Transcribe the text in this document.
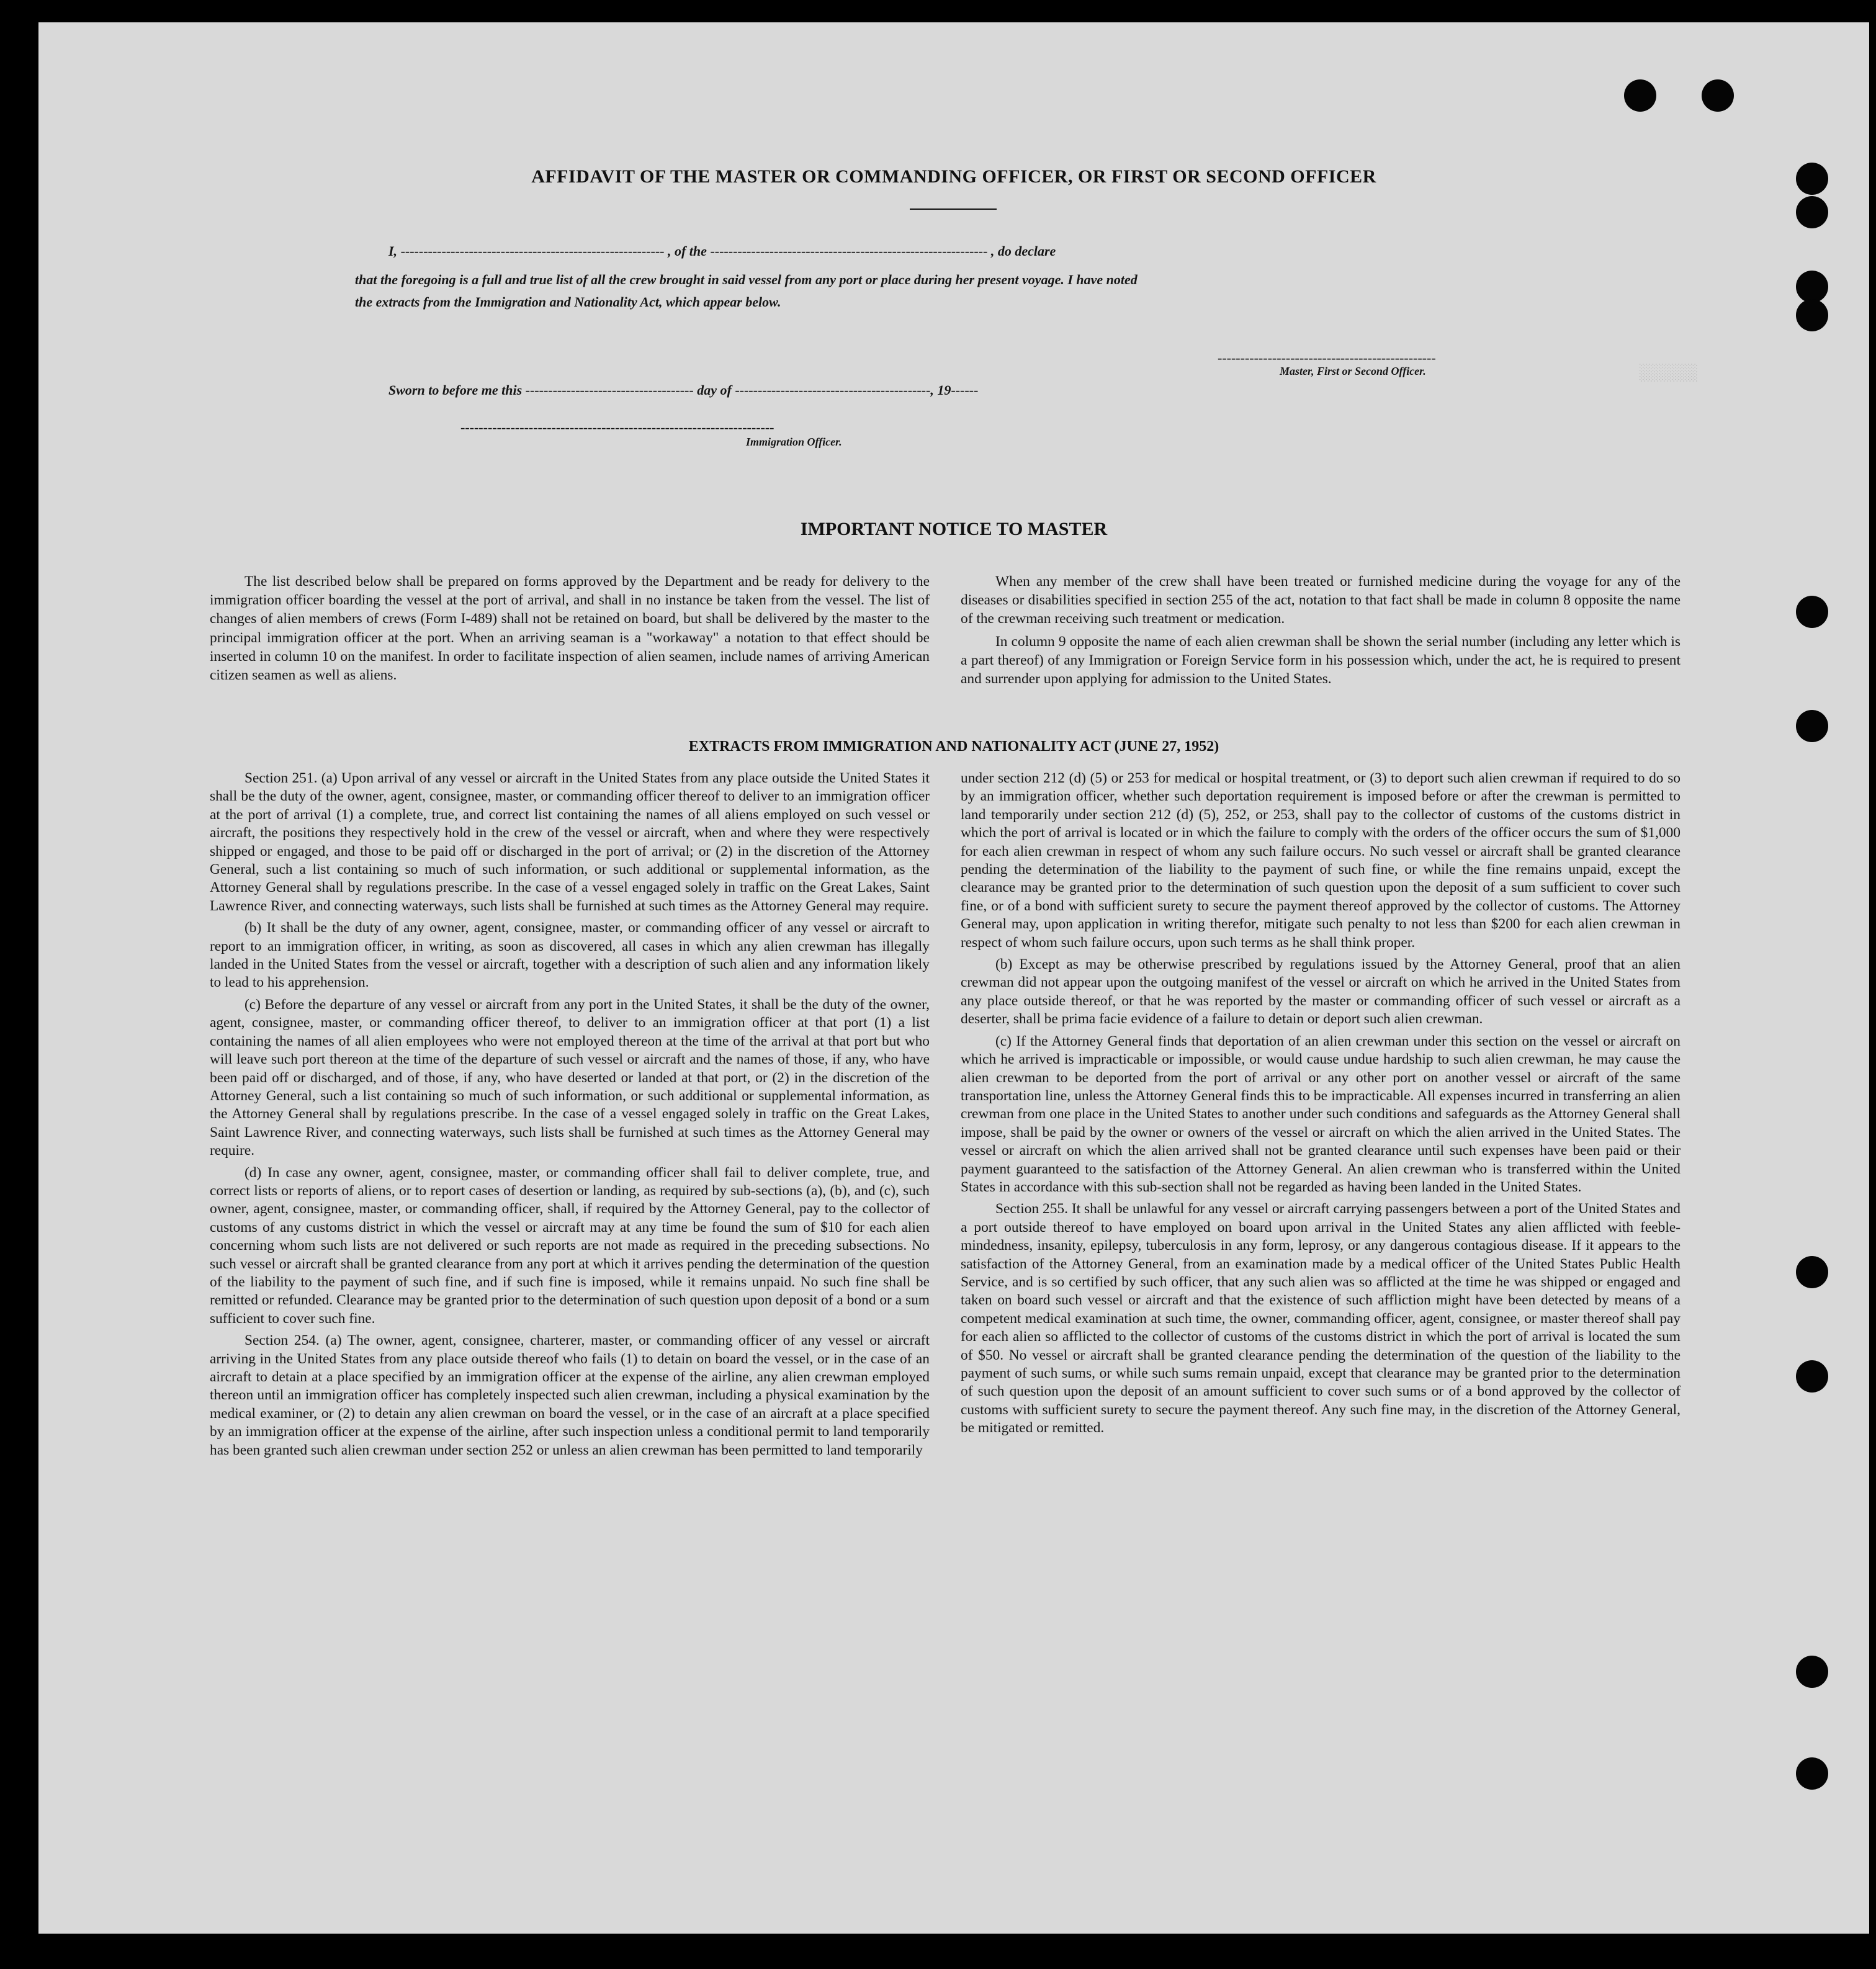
░░░░░░
AFFIDAVIT OF THE MASTER OR COMMANDING OFFICER, OR FIRST OR SECOND OFFICER
I, ---------------------------------------------------------- , of the ------------------------------------------------------------- , do declare
that the foregoing is a full and true list of all the crew brought in said vessel from any port or place during her present voyage. I have noted
the extracts from the Immigration and Nationality Act, which appear below.
------------------------------------------------
Master, First or Second Officer.
Sworn to before me this ------------------------------------- day of -------------------------------------------, 19------
---------------------------------------------------------------------
Immigration Officer.
IMPORTANT NOTICE TO MASTER

The list described below shall be prepared on forms approved by the Department and be ready for delivery to the immigration officer boarding the vessel at the port of arrival, and shall in no instance be taken from the vessel. The list of changes of alien members of crews (Form I-489) shall not be retained on board, but shall be delivered by the master to the principal immigration officer at the port. When an arriving seaman is a "workaway" a notation to that effect should be inserted in column 10 on the manifest. In order to facilitate inspection of alien seamen, include names of arriving American citizen seamen as well as aliens.

When any member of the crew shall have been treated or furnished medicine during the voyage for any of the diseases or disabilities specified in section 255 of the act, notation to that fact shall be made in column 8 opposite the name of the crewman receiving such treatment or medication.

In column 9 opposite the name of each alien crewman shall be shown the serial number (including any letter which is a part thereof) of any Immigration or Foreign Service form in his possession which, under the act, he is required to present and surrender upon applying for admission to the United States.

EXTRACTS FROM IMMIGRATION AND NATIONALITY ACT (JUNE 27, 1952)

Section 251. (a) Upon arrival of any vessel or aircraft in the United States from any place outside the United States it shall be the duty of the owner, agent, consignee, master, or commanding officer thereof to deliver to an immigration officer at the port of arrival (1) a complete, true, and correct list containing the names of all aliens employed on such vessel or aircraft, the positions they respectively hold in the crew of the vessel or aircraft, when and where they were respectively shipped or engaged, and those to be paid off or discharged in the port of arrival; or (2) in the discretion of the Attorney General, such a list containing so much of such information, or such additional or supplemental information, as the Attorney General shall by regulations prescribe. In the case of a vessel engaged solely in traffic on the Great Lakes, Saint Lawrence River, and connecting waterways, such lists shall be furnished at such times as the Attorney General may require.

(b) It shall be the duty of any owner, agent, consignee, master, or commanding officer of any vessel or aircraft to report to an immigration officer, in writing, as soon as discovered, all cases in which any alien crewman has illegally landed in the United States from the vessel or aircraft, together with a description of such alien and any information likely to lead to his apprehension.

(c) Before the departure of any vessel or aircraft from any port in the United States, it shall be the duty of the owner, agent, consignee, master, or commanding officer thereof, to deliver to an immigration officer at that port (1) a list containing the names of all alien employees who were not employed thereon at the time of the arrival at that port but who will leave such port thereon at the time of the departure of such vessel or aircraft and the names of those, if any, who have been paid off or discharged, and of those, if any, who have deserted or landed at that port, or (2) in the discretion of the Attorney General, such a list containing so much of such information, or such additional or supplemental information, as the Attorney General shall by regulations prescribe. In the case of a vessel engaged solely in traffic on the Great Lakes, Saint Lawrence River, and connecting waterways, such lists shall be furnished at such times as the Attorney General may require.

(d) In case any owner, agent, consignee, master, or commanding officer shall fail to deliver complete, true, and correct lists or reports of aliens, or to report cases of desertion or landing, as required by sub-sections (a), (b), and (c), such owner, agent, consignee, master, or commanding officer, shall, if required by the Attorney General, pay to the collector of customs of any customs district in which the vessel or aircraft may at any time be found the sum of $10 for each alien concerning whom such lists are not delivered or such reports are not made as required in the preceding subsections. No such vessel or aircraft shall be granted clearance from any port at which it arrives pending the determination of the question of the liability to the payment of such fine, and if such fine is imposed, while it remains unpaid. No such fine shall be remitted or refunded. Clearance may be granted prior to the determination of such question upon deposit of a bond or a sum sufficient to cover such fine.

Section 254. (a) The owner, agent, consignee, charterer, master, or commanding officer of any vessel or aircraft arriving in the United States from any place outside thereof who fails (1) to detain on board the vessel, or in the case of an aircraft to detain at a place specified by an immigration officer at the expense of the airline, any alien crewman employed thereon until an immigration officer has completely inspected such alien crewman, including a physical examination by the medical examiner, or (2) to detain any alien crewman on board the vessel, or in the case of an aircraft at a place specified by an immigration officer at the expense of the airline, after such inspection unless a conditional permit to land temporarily has been granted such alien crewman under section 252 or unless an alien crewman has been permitted to land temporarily

under section 212 (d) (5) or 253 for medical or hospital treatment, or (3) to deport such alien crewman if required to do so by an immigration officer, whether such deportation requirement is imposed before or after the crewman is permitted to land temporarily under section 212 (d) (5), 252, or 253, shall pay to the collector of customs of the customs district in which the port of arrival is located or in which the failure to comply with the orders of the officer occurs the sum of $1,000 for each alien crewman in respect of whom any such failure occurs. No such vessel or aircraft shall be granted clearance pending the determination of the liability to the payment of such fine, or while the fine remains unpaid, except the clearance may be granted prior to the determination of such question upon the deposit of a sum sufficient to cover such fine, or of a bond with sufficient surety to secure the payment thereof approved by the collector of customs. The Attorney General may, upon application in writing therefor, mitigate such penalty to not less than $200 for each alien crewman in respect of whom such failure occurs, upon such terms as he shall think proper.

(b) Except as may be otherwise prescribed by regulations issued by the Attorney General, proof that an alien crewman did not appear upon the outgoing manifest of the vessel or aircraft on which he arrived in the United States from any place outside thereof, or that he was reported by the master or commanding officer of such vessel or aircraft as a deserter, shall be prima facie evidence of a failure to detain or deport such alien crewman.

(c) If the Attorney General finds that deportation of an alien crewman under this section on the vessel or aircraft on which he arrived is impracticable or impossible, or would cause undue hardship to such alien crewman, he may cause the alien crewman to be deported from the port of arrival or any other port on another vessel or aircraft of the same transportation line, unless the Attorney General finds this to be impracticable. All expenses incurred in transferring an alien crewman from one place in the United States to another under such conditions and safeguards as the Attorney General shall impose, shall be paid by the owner or owners of the vessel or aircraft on which the alien arrived in the United States. The vessel or aircraft on which the alien arrived shall not be granted clearance until such expenses have been paid or their payment guaranteed to the satisfaction of the Attorney General. An alien crewman who is transferred within the United States in accordance with this sub-section shall not be regarded as having been landed in the United States.

Section 255. It shall be unlawful for any vessel or aircraft carrying passengers between a port of the United States and a port outside thereof to have employed on board upon arrival in the United States any alien afflicted with feeble-mindedness, insanity, epilepsy, tuberculosis in any form, leprosy, or any dangerous contagious disease. If it appears to the satisfaction of the Attorney General, from an examination made by a medical officer of the United States Public Health Service, and is so certified by such officer, that any such alien was so afflicted at the time he was shipped or engaged and taken on board such vessel or aircraft and that the existence of such affliction might have been detected by means of a competent medical examination at such time, the owner, commanding officer, agent, consignee, or master thereof shall pay for each alien so afflicted to the collector of customs of the customs district in which the port of arrival is located the sum of $50. No vessel or aircraft shall be granted clearance pending the determination of the question of the liability to the payment of such sums, or while such sums remain unpaid, except that clearance may be granted prior to the determination of such question upon the deposit of an amount sufficient to cover such sums or of a bond approved by the collector of customs with sufficient surety to secure the payment thereof. Any such fine may, in the discretion of the Attorney General, be mitigated or remitted.
